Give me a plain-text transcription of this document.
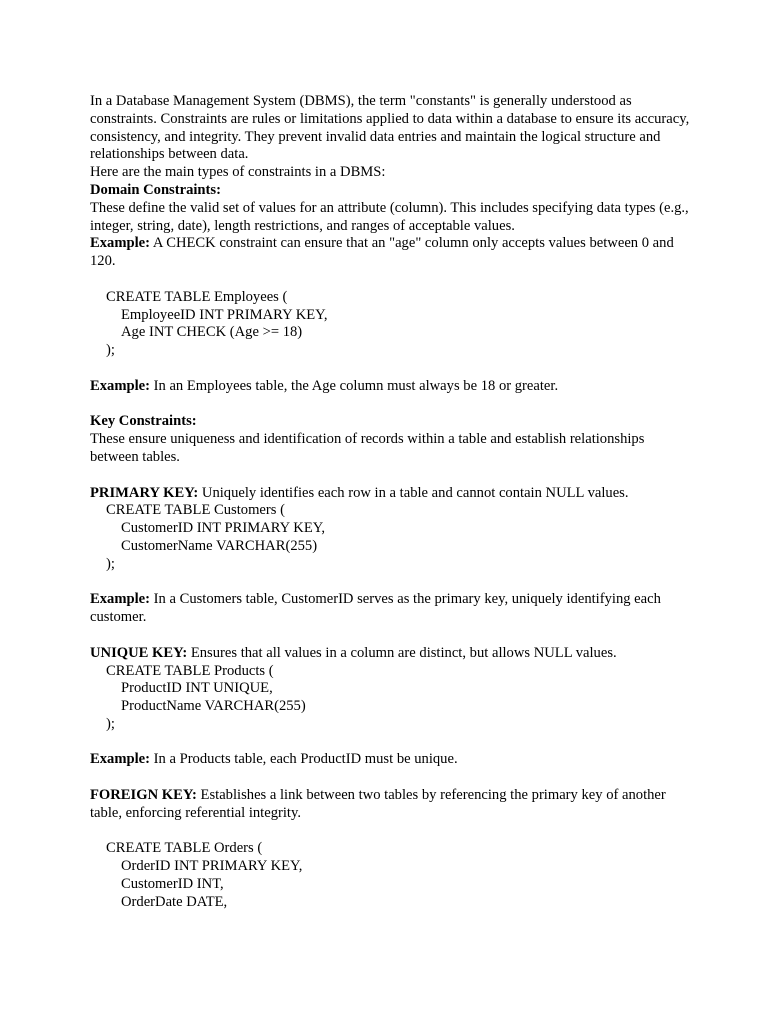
In a Database Management System (DBMS), the term "constants" is generally understood as constraints. Constraints are rules or limitations applied to data within a database to ensure its accuracy, consistency, and integrity. They prevent invalid data entries and maintain the logical structure and relationships between data.

Here are the main types of constraints in a DBMS:

Domain Constraints:

These define the valid set of values for an attribute (column). This includes specifying data types (e.g., integer, string, date), length restrictions, and ranges of acceptable values.

Example: A CHECK constraint can ensure that an "age" column only accepts values between 0 and 120.

CREATE TABLE Employees (

EmployeeID INT PRIMARY KEY,

Age INT CHECK (Age >= 18)

);

Example: In an Employees table, the Age column must always be 18 or greater.

Key Constraints:

These ensure uniqueness and identification of records within a table and establish relationships between tables.

PRIMARY KEY: Uniquely identifies each row in a table and cannot contain NULL values.

CREATE TABLE Customers (

CustomerID INT PRIMARY KEY,

CustomerName VARCHAR(255)

);

Example: In a Customers table, CustomerID serves as the primary key, uniquely identifying each customer.

UNIQUE KEY: Ensures that all values in a column are distinct, but allows NULL values.

CREATE TABLE Products (

ProductID INT UNIQUE,

ProductName VARCHAR(255)

);

Example: In a Products table, each ProductID must be unique.

FOREIGN KEY: Establishes a link between two tables by referencing the primary key of another table, enforcing referential integrity.

CREATE TABLE Orders (

OrderID INT PRIMARY KEY,

CustomerID INT,

OrderDate DATE,
